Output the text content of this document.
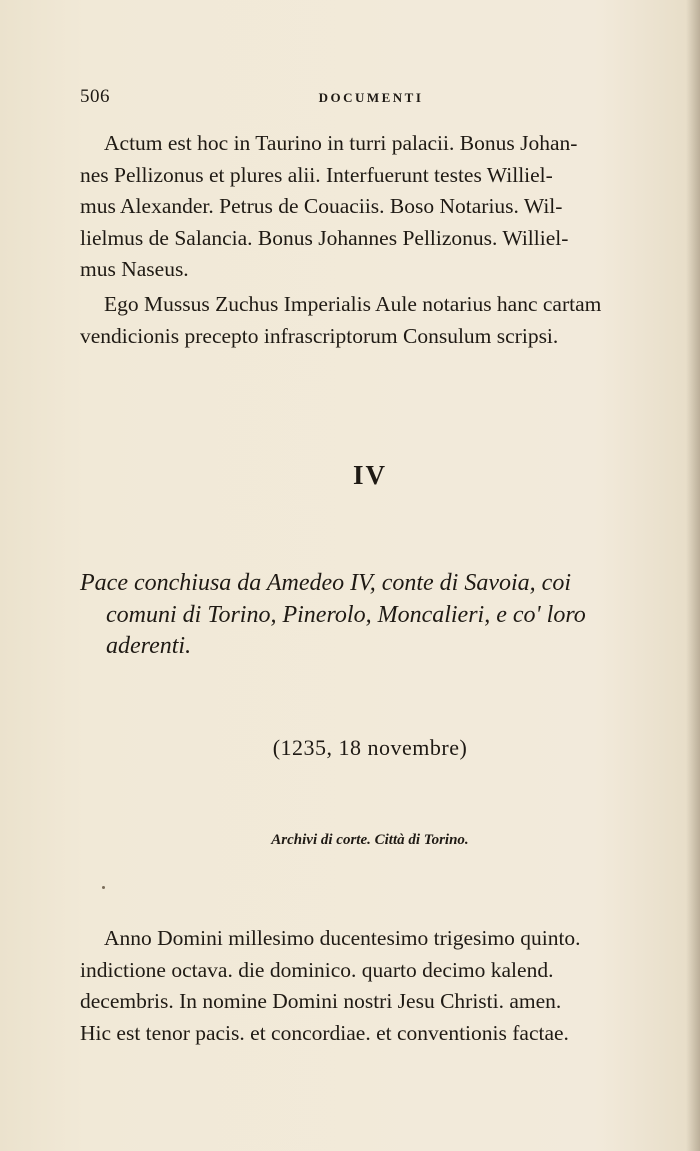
506	DOCUMENTI
Actum est hoc in Taurino in turri palacii. Bonus Johan-
nes Pellizonus et plures alii. Interfuerunt testes Williel-
mus Alexander. Petrus de Couaciis. Boso Notarius. Wil-
lielmus de Salancia. Bonus Johannes Pellizonus. Williel-
mus Naseus.
Ego Mussus Zuchus Imperialis Aule notarius hanc cartam
vendicionis precepto infrascriptorum Consulum scripsi.
IV
Pace conchiusa da Amedeo IV, conte di Savoia, coi
comuni di Torino, Pinerolo, Moncalieri, e co' loro
aderenti.
(1235, 18 novembre)
Archivi di corte. Città di Torino.
Anno Domini millesimo ducentesimo trigesimo quinto.
indictione octava. die dominico. quarto decimo kalend.
decembris. In nomine Domini nostri Jesu Christi. amen.
Hic est tenor pacis. et concordiae. et conventionis factae.
